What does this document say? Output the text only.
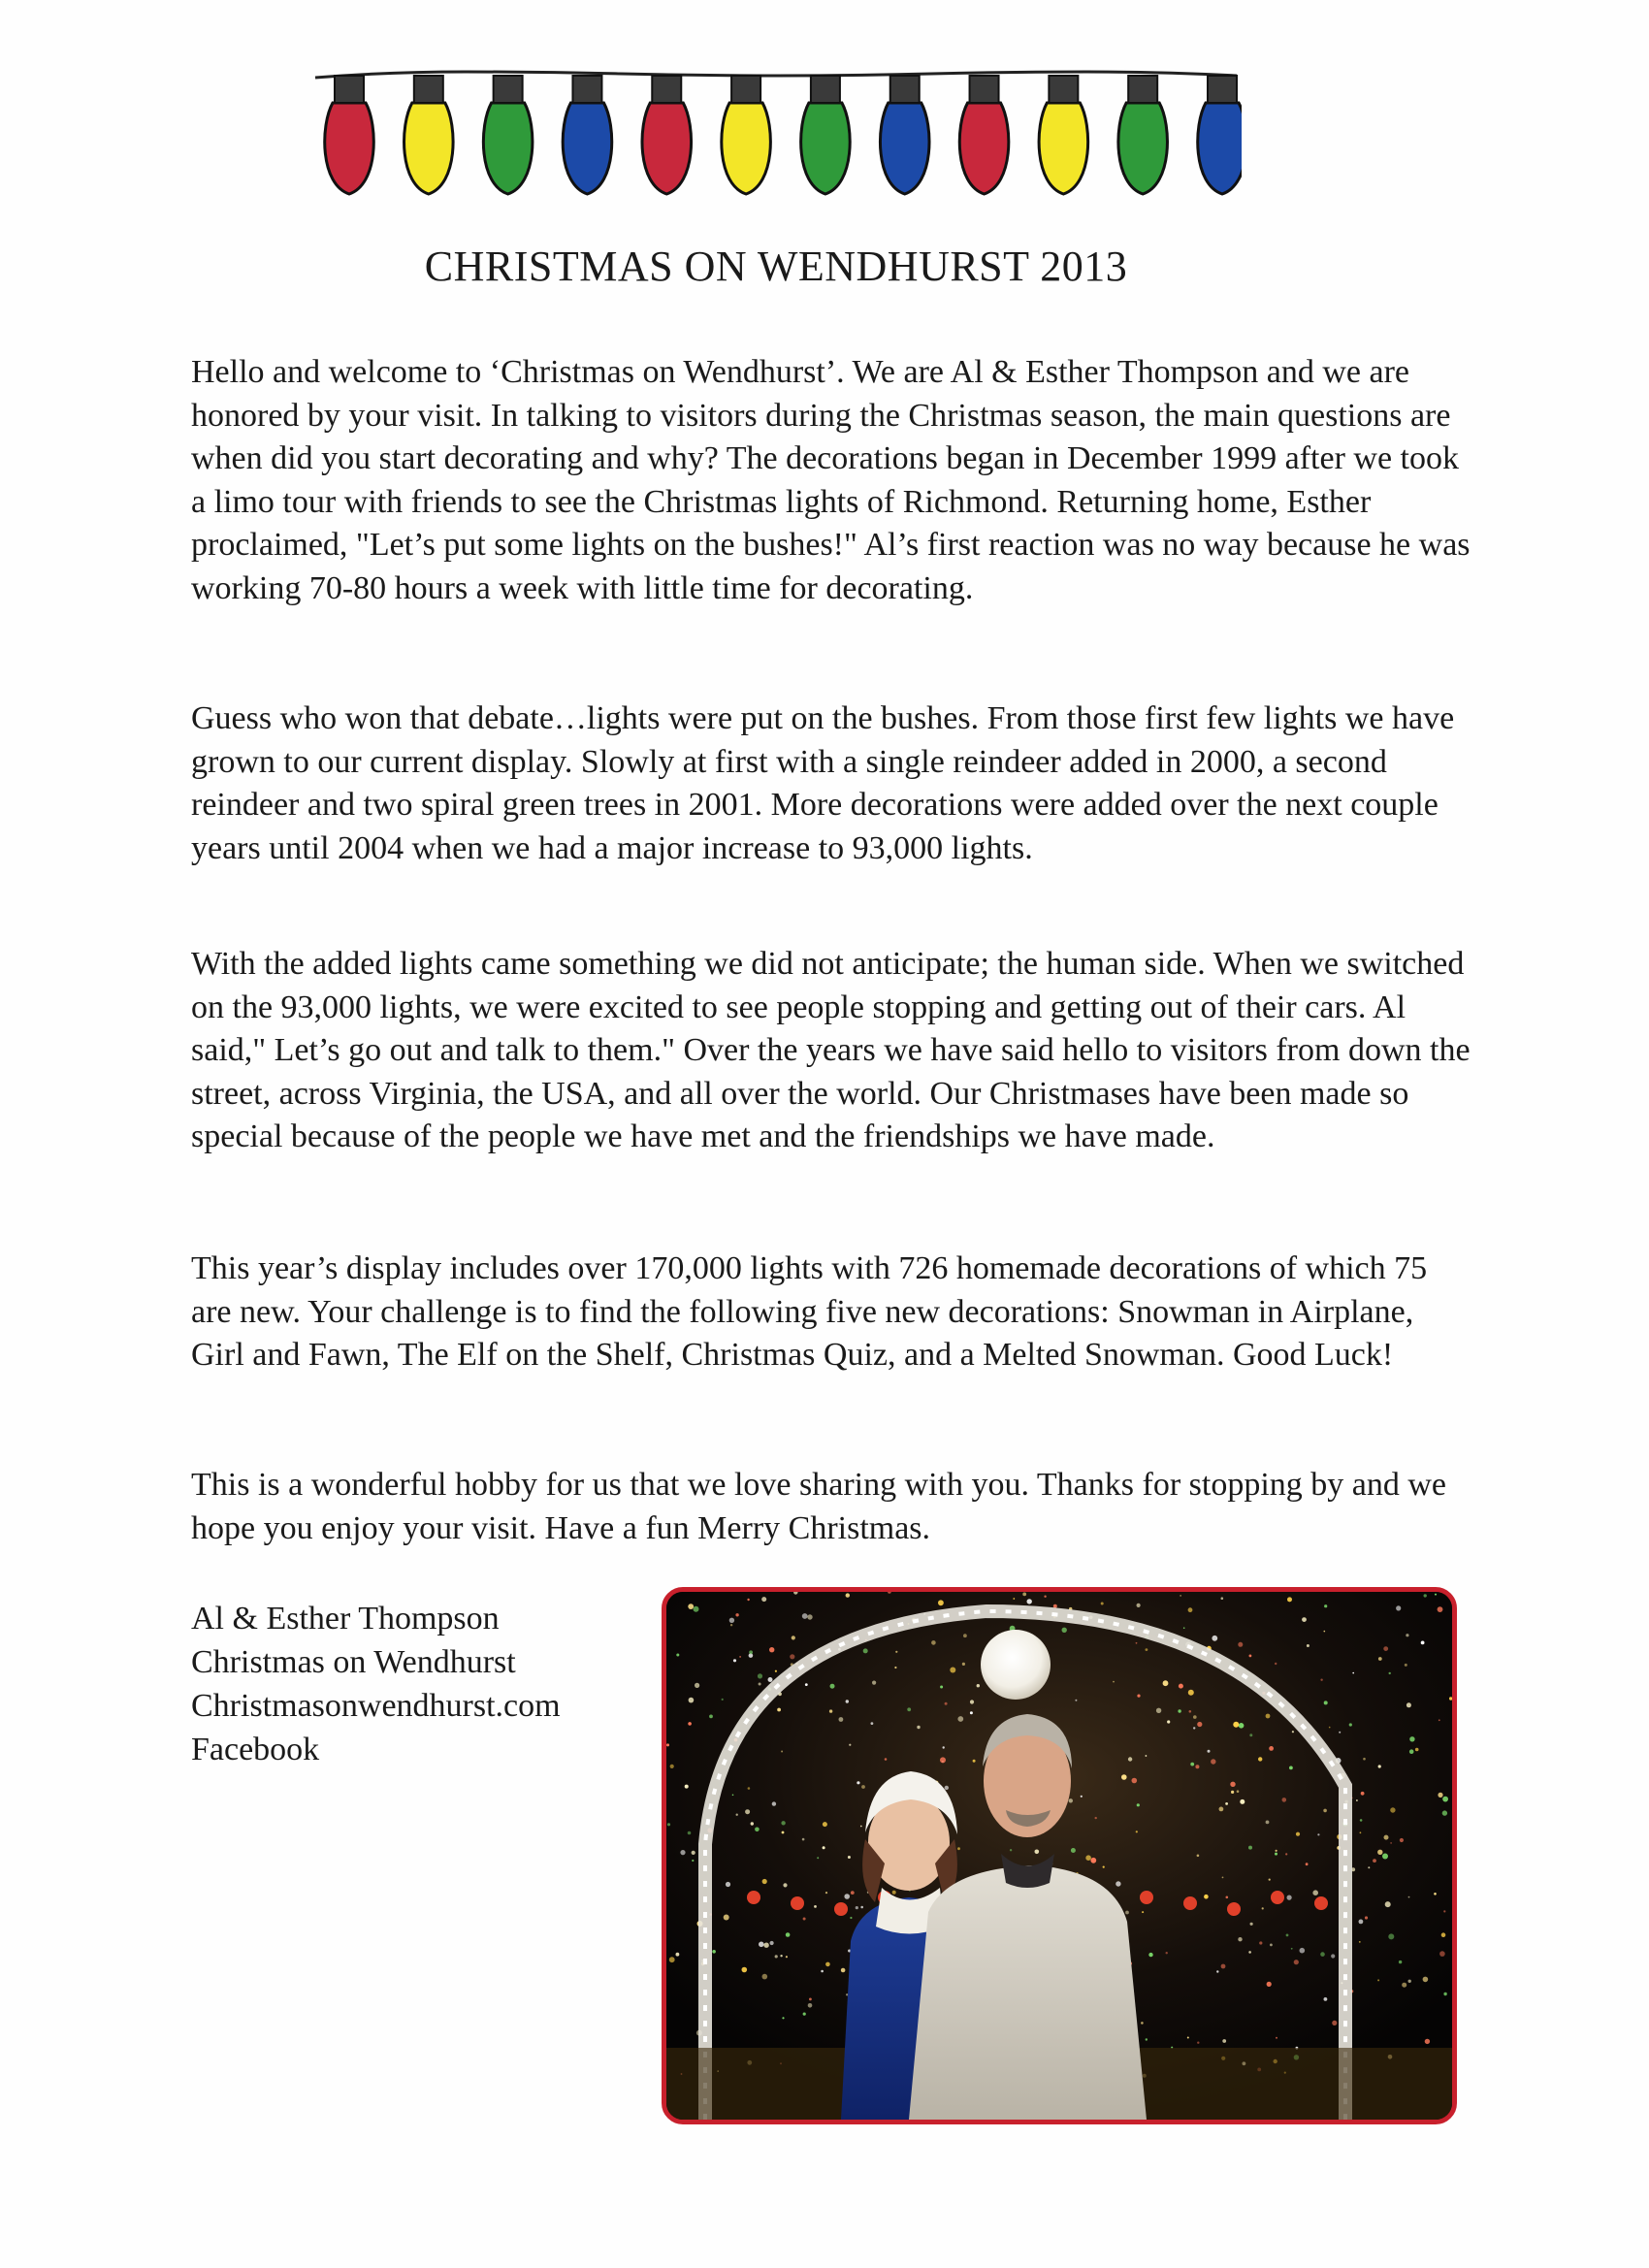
CHRISTMAS ON WENDHURST 2013

Hello and welcome to ‘Christmas on Wendhurst’. We are Al & Esther Thompson and we are honored by your visit. In talking to visitors during the Christmas season, the main questions are when did you start decorating and why? The decorations began in December 1999 after we took a limo tour with friends to see the Christmas lights of Richmond. Returning home, Esther proclaimed, "Let’s put some lights on the bushes!" Al’s first reaction was no way because he was working 70-80 hours a week with little time for decorating.

Guess who won that debate…lights were put on the bushes. From those first few lights we have grown to our current display. Slowly at first with a single reindeer added in 2000, a second reindeer and two spiral green trees in 2001. More decorations were added over the next couple years until 2004 when we had a major increase to 93,000 lights.

With the added lights came something we did not anticipate; the human side. When we switched on the 93,000 lights, we were excited to see people stopping and getting out of their cars. Al said," Let’s go out and talk to them." Over the years we have said hello to visitors from down the street, across Virginia, the USA, and all over the world. Our Christmases have been made so special because of the people we have met and the friendships we have made.

This year’s display includes over 170,000 lights with 726 homemade decorations of which 75 are new. Your challenge is to find the following five new decorations: Snowman in Airplane, Girl and Fawn, The Elf on the Shelf, Christmas Quiz, and a Melted Snowman. Good Luck!

This is a wonderful hobby for us that we love sharing with you. Thanks for stopping by and we hope you enjoy your visit. Have a fun Merry Christmas.

Al & Esther Thompson
Christmas on Wendhurst
Christmasonwendhurst.com
Facebook
